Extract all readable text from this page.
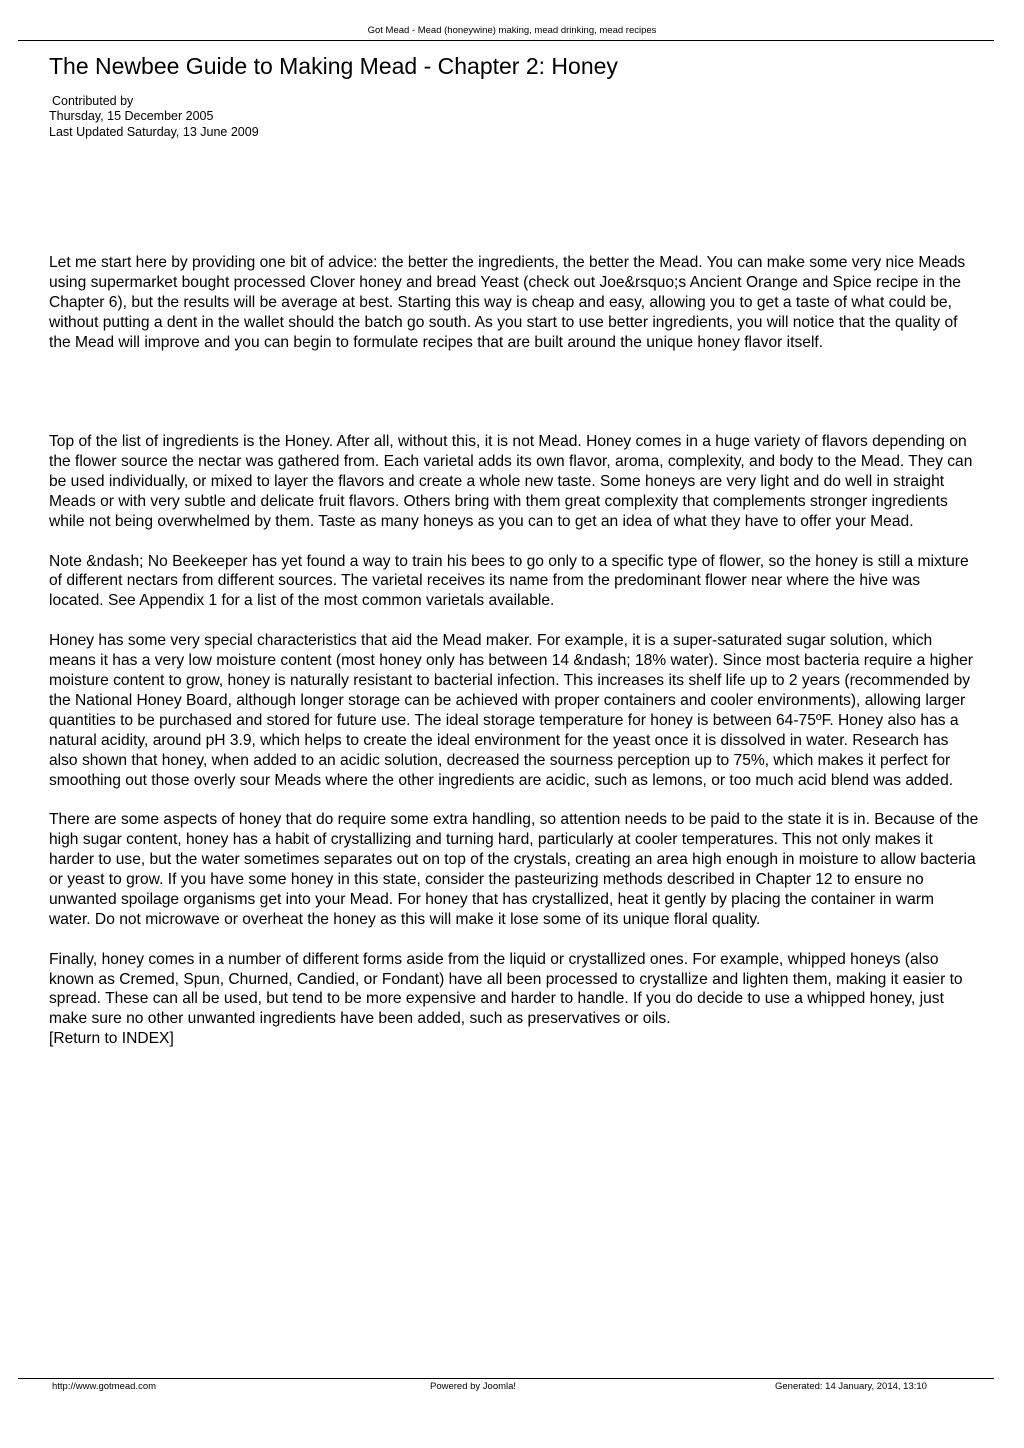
Got Mead - Mead (honeywine) making, mead drinking, mead recipes
The Newbee Guide to Making Mead - Chapter 2: Honey
Contributed by
Thursday, 15 December 2005
Last Updated Saturday, 13 June 2009

Let me start here by providing one bit of advice: the better the ingredients, the better the Mead. You can make some very nice Meads using supermarket bought processed Clover honey and bread Yeast (check out Joe&rsquo;s Ancient Orange and Spice recipe in the Chapter 6), but the results will be average at best. Starting this way is cheap and easy, allowing you to get a taste of what could be, without putting a dent in the wallet should the batch go south. As you start to use better ingredients, you will notice that the quality of the Mead will improve and you can begin to formulate recipes that are built around the unique honey flavor itself.

Top of the list of ingredients is the Honey. After all, without this, it is not Mead. Honey comes in a huge variety of flavors depending on the flower source the nectar was gathered from. Each varietal adds its own flavor, aroma, complexity, and body to the Mead. They can be used individually, or mixed to layer the flavors and create a whole new taste. Some honeys are very light and do well in straight Meads or with very subtle and delicate fruit flavors. Others bring with them great complexity that complements stronger ingredients while not being overwhelmed by them. Taste as many honeys as you can to get an idea of what they have to offer your Mead.

Note &ndash; No Beekeeper has yet found a way to train his bees to go only to a specific type of flower, so the honey is still a mixture of different nectars from different sources. The varietal receives its name from the predominant flower near where the hive was located. See Appendix 1 for a list of the most common varietals available.

Honey has some very special characteristics that aid the Mead maker. For example, it is a super-saturated sugar solution, which means it has a very low moisture content (most honey only has between 14 &ndash; 18% water). Since most bacteria require a higher moisture content to grow, honey is naturally resistant to bacterial infection. This increases its shelf life up to 2 years (recommended by the National Honey Board, although longer storage can be achieved with proper containers and cooler environments), allowing larger quantities to be purchased and stored for future use. The ideal storage temperature for honey is between 64-75ºF. Honey also has a natural acidity, around pH 3.9, which helps to create the ideal environment for the yeast once it is dissolved in water. Research has also shown that honey, when added to an acidic solution, decreased the sourness perception up to 75%, which makes it perfect for smoothing out those overly sour Meads where the other ingredients are acidic, such as lemons, or too much acid blend was added.

There are some aspects of honey that do require some extra handling, so attention needs to be paid to the state it is in. Because of the high sugar content, honey has a habit of crystallizing and turning hard, particularly at cooler temperatures. This not only makes it harder to use, but the water sometimes separates out on top of the crystals, creating an area high enough in moisture to allow bacteria or yeast to grow. If you have some honey in this state, consider the pasteurizing methods described in Chapter 12 to ensure no unwanted spoilage organisms get into your Mead. For honey that has crystallized, heat it gently by placing the container in warm water. Do not microwave or overheat the honey as this will make it lose some of its unique floral quality.

Finally, honey comes in a number of different forms aside from the liquid or crystallized ones. For example, whipped honeys (also known as Cremed, Spun, Churned, Candied, or Fondant) have all been processed to crystallize and lighten them, making it easier to spread. These can all be used, but tend to be more expensive and harder to handle. If you do decide to use a whipped honey, just make sure no other unwanted ingredients have been added, such as preservatives or oils.

[Return to INDEX]
http://www.gotmead.com	Powered by Joomla!	Generated: 14 January, 2014, 13:10
